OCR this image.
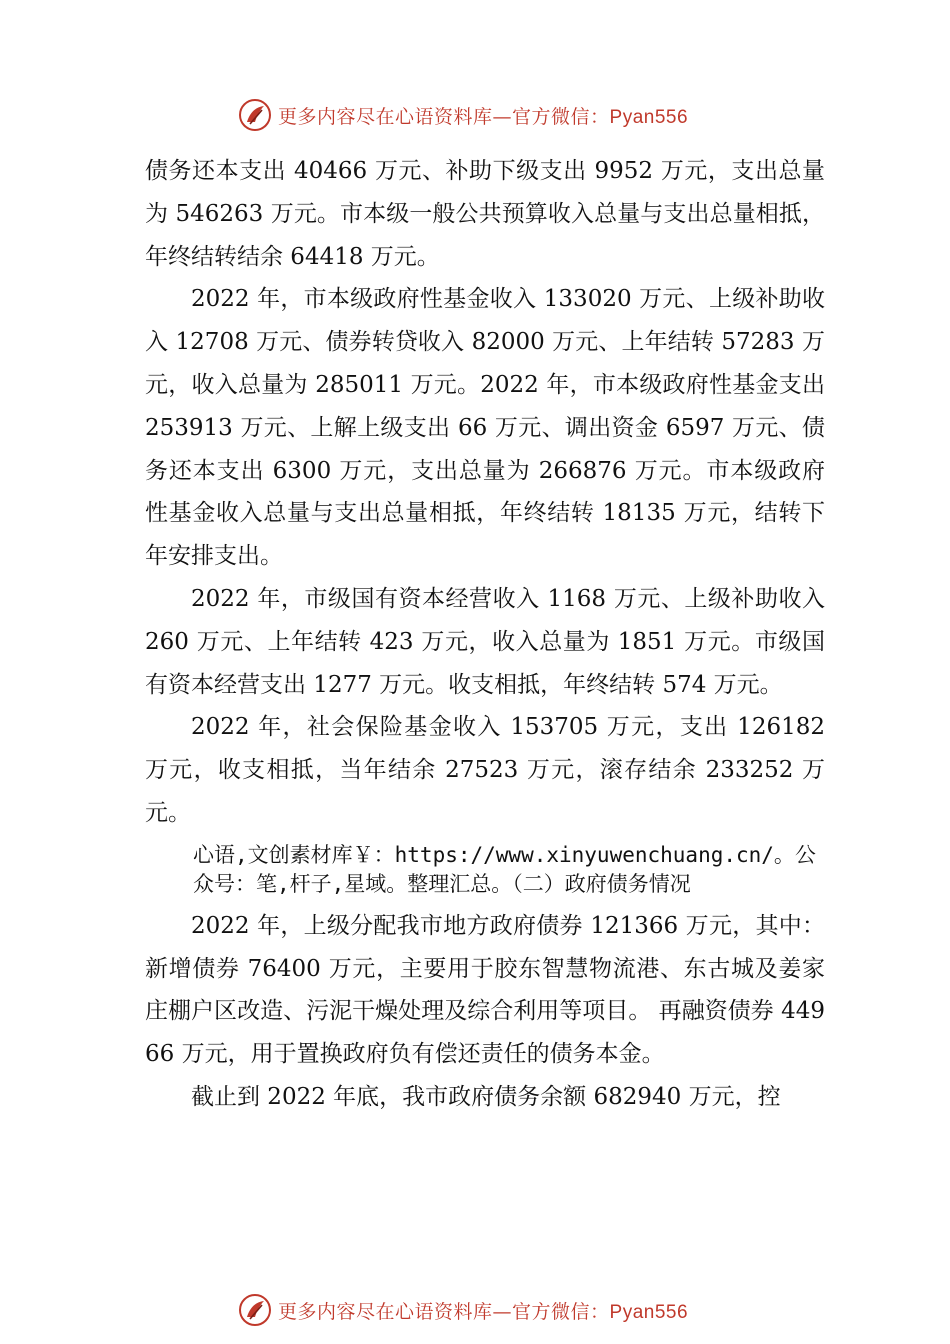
更多内容尽在心语资料库—官方微信：Pyan556

债务还本支出 40466 万元、补助下级支出 9952 万元，支出总量为 546263 万元。市本级一般公共预算收入总量与支出总量相抵，年终结转结余 64418 万元。

2022 年，市本级政府性基金收入 133020 万元、上级补助收入 12708 万元、债券转贷收入 82000 万元、上年结转 57283 万元，收入总量为 285011 万元。2022 年，市本级政府性基金支出 253913 万元、上解上级支出 66 万元、调出资金 6597 万元、债务还本支出 6300 万元，支出总量为 266876 万元。市本级政府性基金收入总量与支出总量相抵，年终结转 18135 万元，结转下年安排支出。

2022 年，市级国有资本经营收入 1168 万元、上级补助收入 260 万元、上年结转 423 万元，收入总量为 1851 万元。市级国有资本经营支出 1277 万元。收支相抵，年终结转 574 万元。

2022 年，社会保险基金收入 153705 万元，支出 126182 万元，收支相抵，当年结余 27523 万元，滚存结余 233252 万元。

心语,文创素材库￥：https://www.xinyuwenchuang.cn/。公众号：笔,杆子,星域。整理汇总。（二）政府债务情况

2022 年，上级分配我市地方政府债券 121366 万元，其中：新增债券 76400 万元，主要用于胶东智慧物流港、东古城及姜家庄棚户区改造、污泥干燥处理及综合利用等项目。 再融资债券 44966 万元，用于置换政府负有偿还责任的债务本金。

截止到 2022 年底，我市政府债务余额 682940 万元，控

更多内容尽在心语资料库—官方微信：Pyan556
